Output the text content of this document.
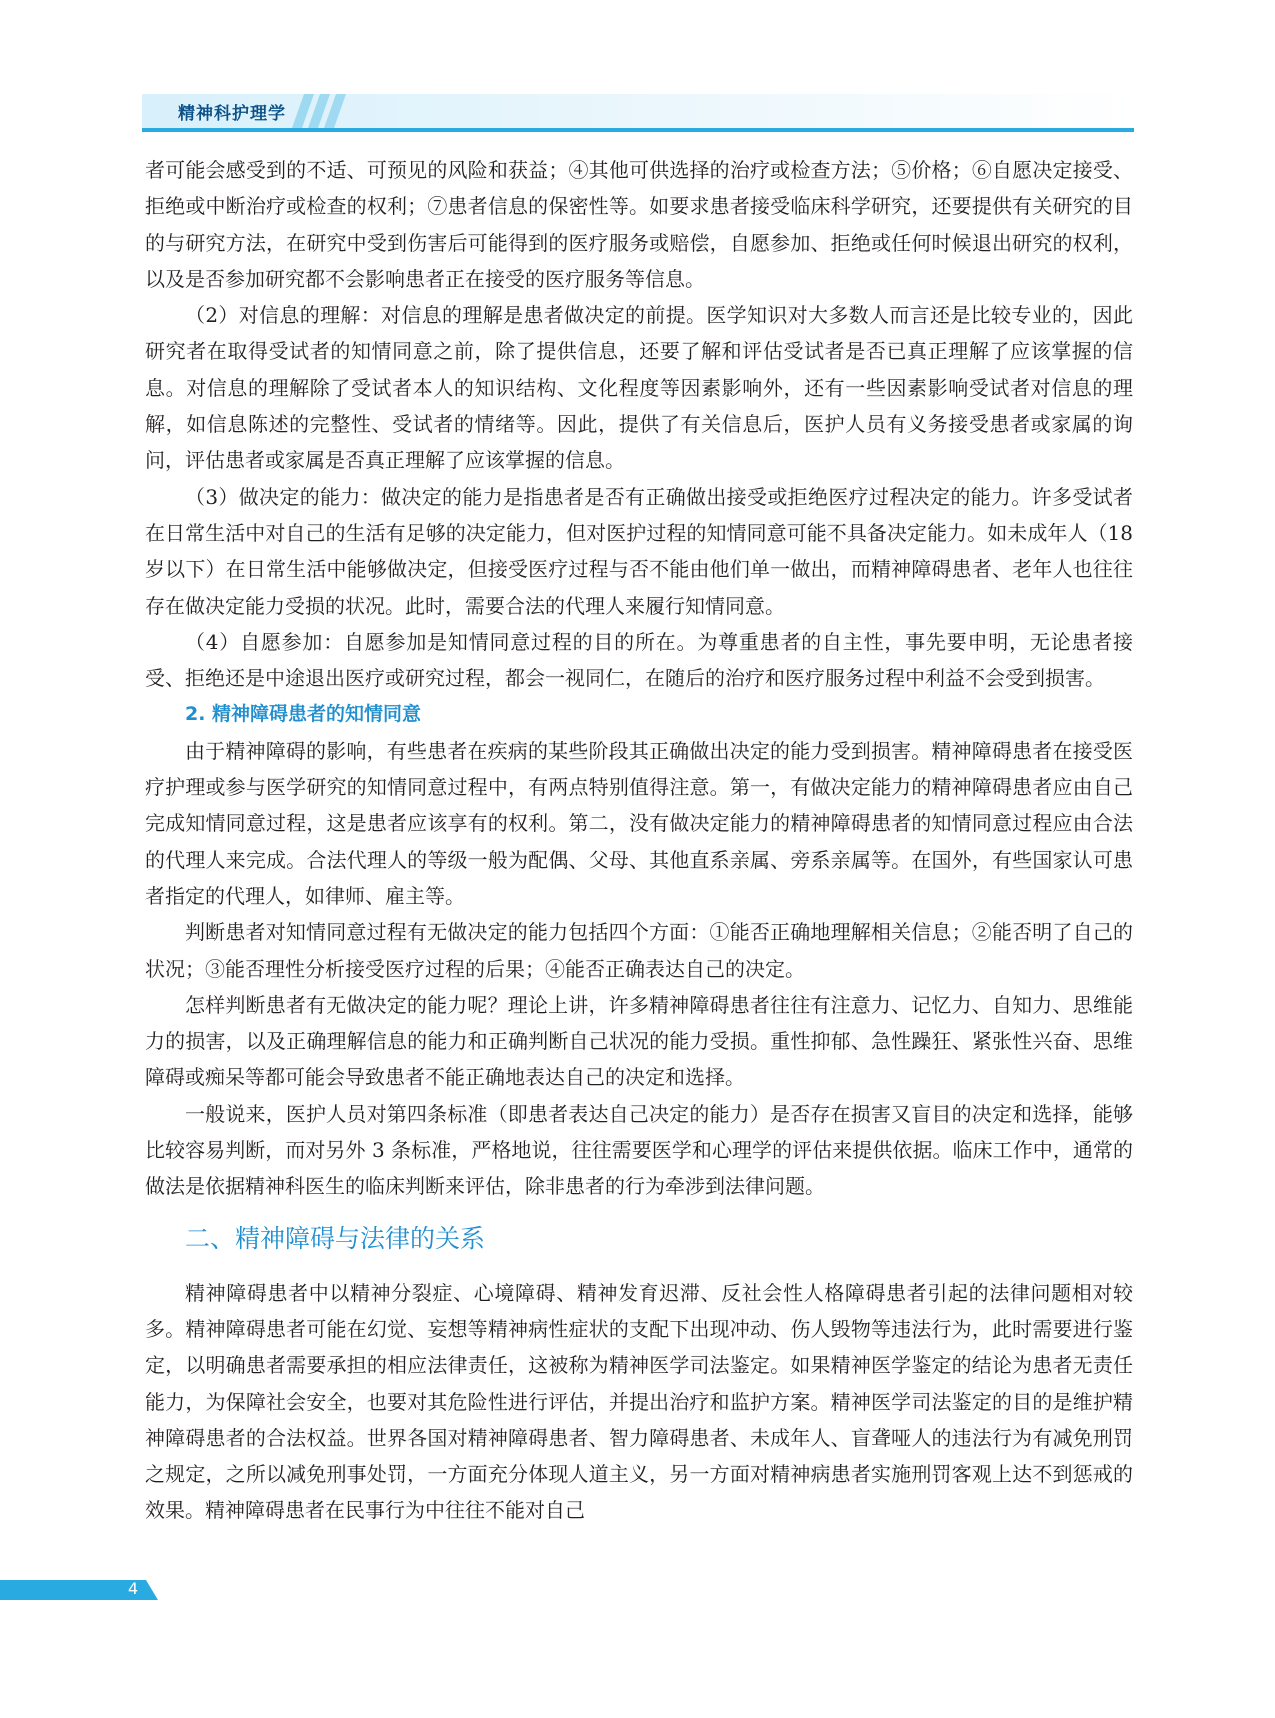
精神科护理学

者可能会感受到的不适、可预见的风险和获益；④其他可供选择的治疗或检查方法；⑤价格；⑥自愿决定接受、拒绝或中断治疗或检查的权利；⑦患者信息的保密性等。如要求患者接受临床科学研究，还要提供有关研究的目的与研究方法，在研究中受到伤害后可能得到的医疗服务或赔偿，自愿参加、拒绝或任何时候退出研究的权利，以及是否参加研究都不会影响患者正在接受的医疗服务等信息。

（2）对信息的理解：对信息的理解是患者做决定的前提。医学知识对大多数人而言还是比较专业的，因此研究者在取得受试者的知情同意之前，除了提供信息，还要了解和评估受试者是否已真正理解了应该掌握的信息。对信息的理解除了受试者本人的知识结构、文化程度等因素影响外，还有一些因素影响受试者对信息的理解，如信息陈述的完整性、受试者的情绪等。因此，提供了有关信息后，医护人员有义务接受患者或家属的询问，评估患者或家属是否真正理解了应该掌握的信息。

（3）做决定的能力：做决定的能力是指患者是否有正确做出接受或拒绝医疗过程决定的能力。许多受试者在日常生活中对自己的生活有足够的决定能力，但对医护过程的知情同意可能不具备决定能力。如未成年人（18 岁以下）在日常生活中能够做决定，但接受医疗过程与否不能由他们单一做出，而精神障碍患者、老年人也往往存在做决定能力受损的状况。此时，需要合法的代理人来履行知情同意。

（4）自愿参加：自愿参加是知情同意过程的目的所在。为尊重患者的自主性，事先要申明，无论患者接受、拒绝还是中途退出医疗或研究过程，都会一视同仁，在随后的治疗和医疗服务过程中利益不会受到损害。

2. 精神障碍患者的知情同意

由于精神障碍的影响，有些患者在疾病的某些阶段其正确做出决定的能力受到损害。精神障碍患者在接受医疗护理或参与医学研究的知情同意过程中，有两点特别值得注意。第一，有做决定能力的精神障碍患者应由自己完成知情同意过程，这是患者应该享有的权利。第二，没有做决定能力的精神障碍患者的知情同意过程应由合法的代理人来完成。合法代理人的等级一般为配偶、父母、其他直系亲属、旁系亲属等。在国外，有些国家认可患者指定的代理人，如律师、雇主等。

判断患者对知情同意过程有无做决定的能力包括四个方面：①能否正确地理解相关信息；②能否明了自己的状况；③能否理性分析接受医疗过程的后果；④能否正确表达自己的决定。

怎样判断患者有无做决定的能力呢？理论上讲，许多精神障碍患者往往有注意力、记忆力、自知力、思维能力的损害，以及正确理解信息的能力和正确判断自己状况的能力受损。重性抑郁、急性躁狂、紧张性兴奋、思维障碍或痴呆等都可能会导致患者不能正确地表达自己的决定和选择。

一般说来，医护人员对第四条标准（即患者表达自己决定的能力）是否存在损害又盲目的决定和选择，能够比较容易判断，而对另外 3 条标准，严格地说，往往需要医学和心理学的评估来提供依据。临床工作中，通常的做法是依据精神科医生的临床判断来评估，除非患者的行为牵涉到法律问题。

二、精神障碍与法律的关系

精神障碍患者中以精神分裂症、心境障碍、精神发育迟滞、反社会性人格障碍患者引起的法律问题相对较多。精神障碍患者可能在幻觉、妄想等精神病性症状的支配下出现冲动、伤人毁物等违法行为，此时需要进行鉴定，以明确患者需要承担的相应法律责任，这被称为精神医学司法鉴定。如果精神医学鉴定的结论为患者无责任能力，为保障社会安全，也要对其危险性进行评估，并提出治疗和监护方案。精神医学司法鉴定的目的是维护精神障碍患者的合法权益。世界各国对精神障碍患者、智力障碍患者、未成年人、盲聋哑人的违法行为有减免刑罚之规定，之所以减免刑事处罚，一方面充分体现人道主义，另一方面对精神病患者实施刑罚客观上达不到惩戒的效果。精神障碍患者在民事行为中往往不能对自己

4
